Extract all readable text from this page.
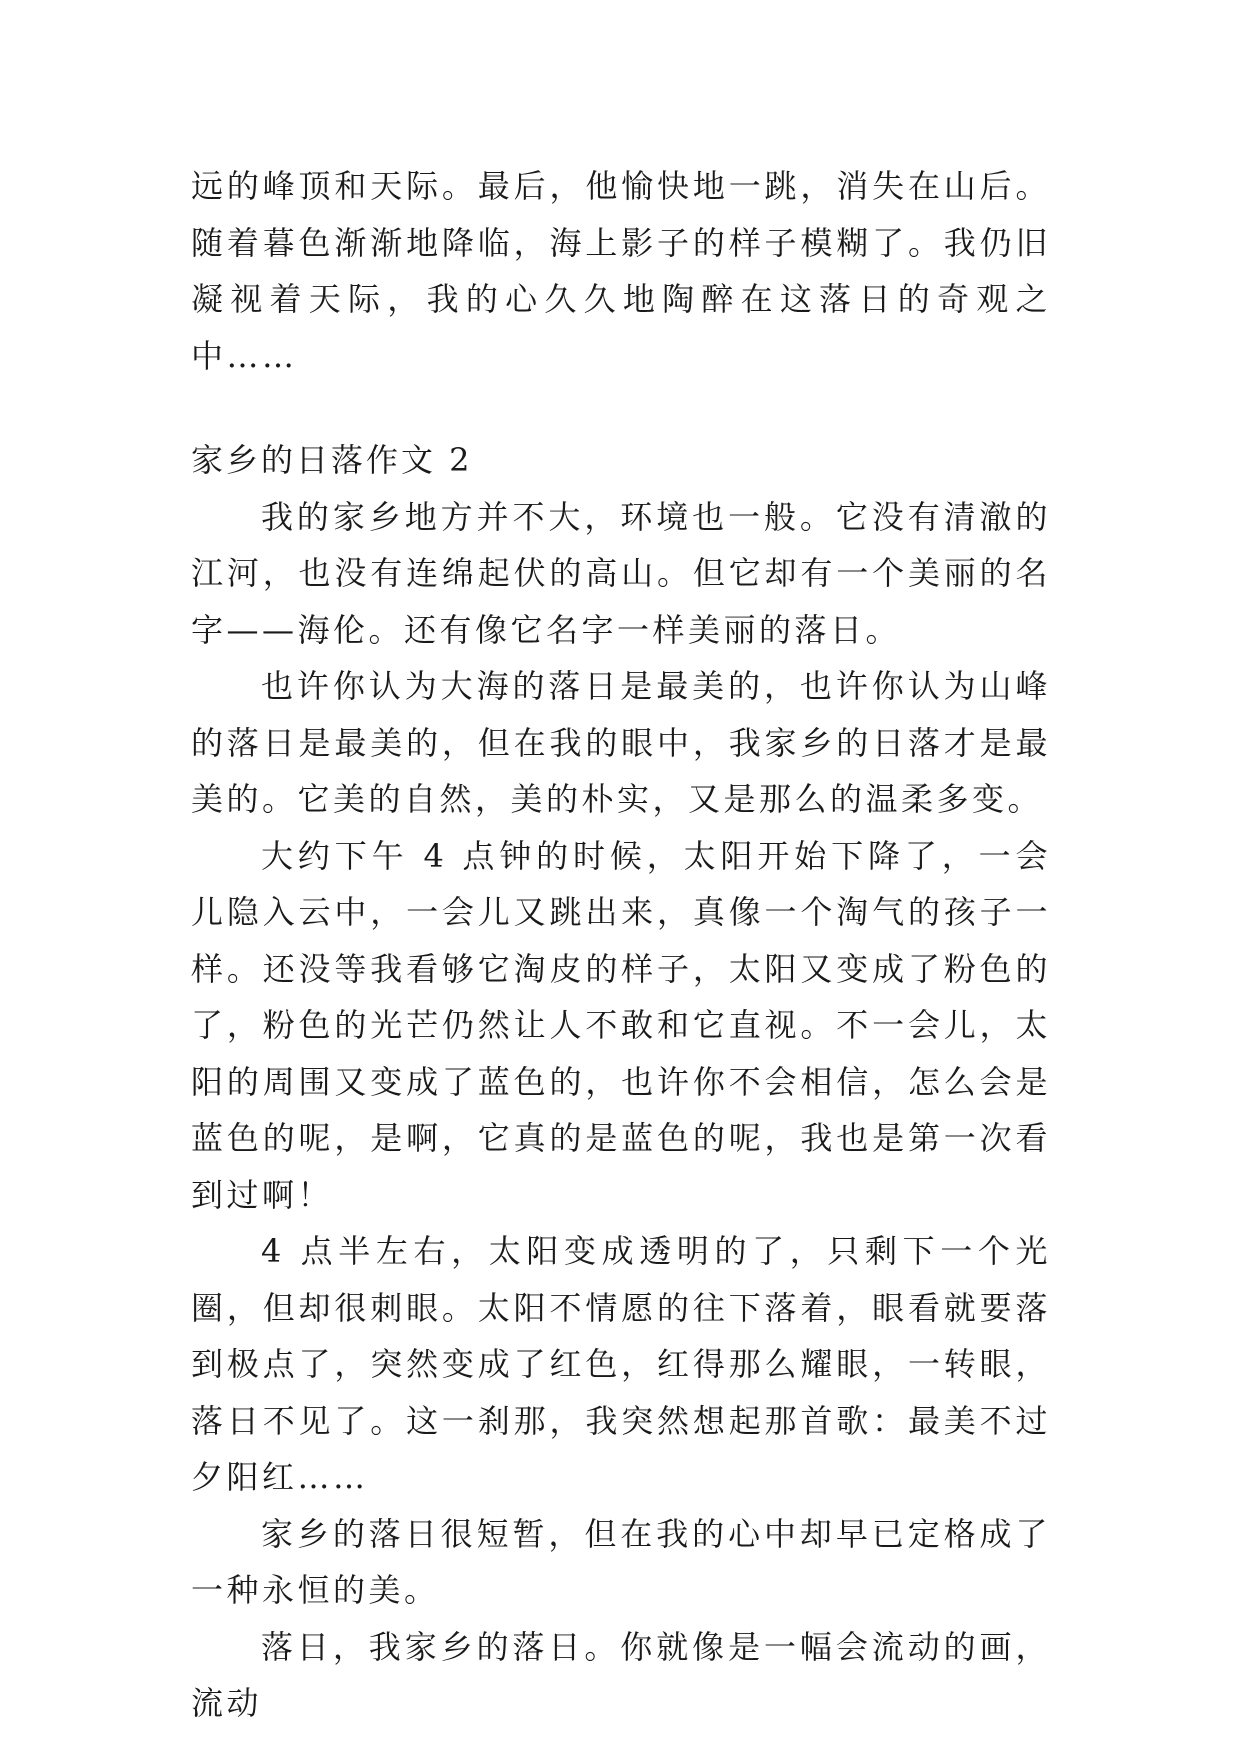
远的峰顶和天际。最后，他愉快地一跳，消失在山后。随着暮色渐渐地降临，海上影子的样子模糊了。我仍旧凝视着天际，我的心久久地陶醉在这落日的奇观之中……

家乡的日落作文 2

我的家乡地方并不大，环境也一般。它没有清澈的江河，也没有连绵起伏的高山。但它却有一个美丽的名字——海伦。还有像它名字一样美丽的落日。

也许你认为大海的落日是最美的，也许你认为山峰的落日是最美的，但在我的眼中，我家乡的日落才是最美的。它美的自然，美的朴实，又是那么的温柔多变。

大约下午 4 点钟的时候，太阳开始下降了，一会儿隐入云中，一会儿又跳出来，真像一个淘气的孩子一样。还没等我看够它淘皮的样子，太阳又变成了粉色的了，粉色的光芒仍然让人不敢和它直视。不一会儿，太阳的周围又变成了蓝色的，也许你不会相信，怎么会是蓝色的呢，是啊，它真的是蓝色的呢，我也是第一次看到过啊！

4 点半左右，太阳变成透明的了，只剩下一个光圈，但却很刺眼。太阳不情愿的往下落着，眼看就要落到极点了，突然变成了红色，红得那么耀眼，一转眼，落日不见了。这一刹那，我突然想起那首歌：最美不过夕阳红……

家乡的落日很短暂，但在我的心中却早已定格成了一种永恒的美。

落日，我家乡的落日。你就像是一幅会流动的画，流动
